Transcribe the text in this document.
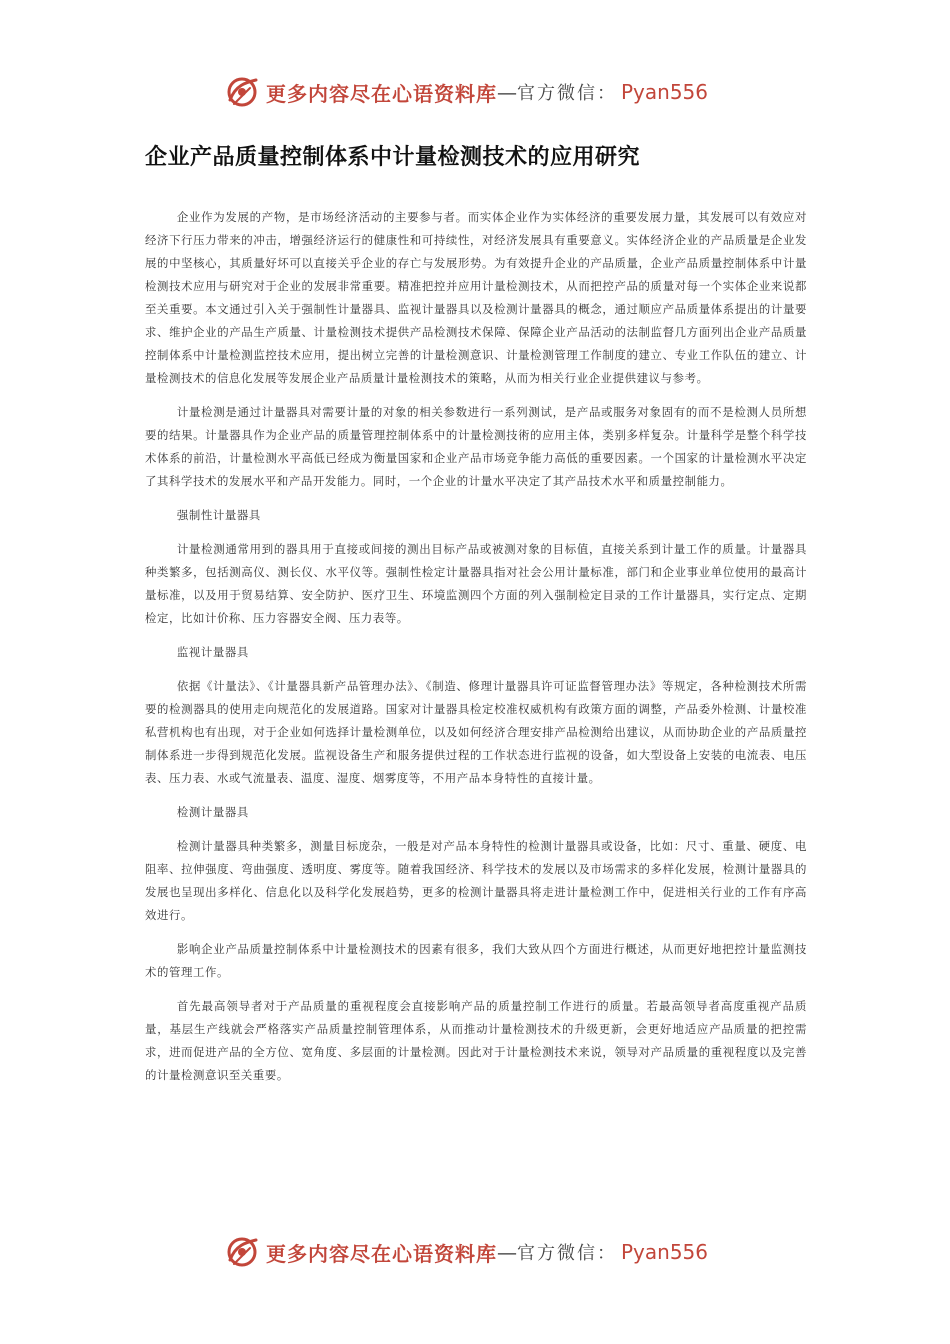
更多内容尽在心语资料库 — 官方微信： Pyan556
企业产品质量控制体系中计量检测技术的应用研究

企业作为发展的产物，是市场经济活动的主要参与者。而实体企业作为实体经济的重要发展力量，其发展可以有效应对经济下行压力带来的冲击，增强经济运行的健康性和可持续性，对经济发展具有重要意义。实体经济企业的产品质量是企业发展的中坚核心，其质量好坏可以直接关乎企业的存亡与发展形势。为有效提升企业的产品质量，企业产品质量控制体系中计量检测技术应用与研究对于企业的发展非常重要。精准把控并应用计量检测技术，从而把控产品的质量对每一个实体企业来说都至关重要。本文通过引入关于强制性计量器具、监视计量器具以及检测计量器具的概念，通过顺应产品质量体系提出的计量要求、维护企业的产品生产质量、计量检测技术提供产品检测技术保障、保障企业产品活动的法制监督几方面列出企业产品质量控制体系中计量检测监控技术应用，提出树立完善的计量检测意识、计量检测管理工作制度的建立、专业工作队伍的建立、计量检测技术的信息化发展等发展企业产品质量计量检测技术的策略，从而为相关行业企业提供建议与参考。

计量检测是通过计量器具对需要计量的对象的相关参数进行一系列测试，是产品或服务对象固有的而不是检测人员所想要的结果。计量器具作为企业产品的质量管理控制体系中的计量检测技術的应用主体，类别多样复杂。计量科学是整个科学技术体系的前沿，计量检测水平高低已经成为衡量国家和企业产品市场竞争能力高低的重要因素。一个国家的计量检测水平决定了其科学技术的发展水平和产品开发能力。同时，一个企业的计量水平决定了其产品技术水平和质量控制能力。

强制性计量器具

计量检测通常用到的器具用于直接或间接的测出目标产品或被测对象的目标值，直接关系到计量工作的质量。计量器具种类繁多，包括测高仪、测长仪、水平仪等。强制性检定计量器具指对社会公用计量标准，部门和企业事业单位使用的最高计量标准，以及用于贸易结算、安全防护、医疗卫生、环境监测四个方面的列入强制检定目录的工作计量器具，实行定点、定期检定，比如计价称、压力容器安全阀、压力表等。

监视计量器具

依据《计量法》、《计量器具新产品管理办法》、《制造、修理计量器具许可证监督管理办法》等规定，各种检测技术所需要的检测器具的使用走向规范化的发展道路。国家对计量器具检定校准权威机构有政策方面的调整，产品委外检测、计量校准私营机构也有出现，对于企业如何选择计量检测单位，以及如何经济合理安排产品检测给出建议，从而协助企业的产品质量控制体系进一步得到规范化发展。监视设备生产和服务提供过程的工作状态进行监视的设备，如大型设备上安装的电流表、电压表、压力表、水或气流量表、温度、湿度、烟雾度等，不用产品本身特性的直接计量。

检测计量器具

检测计量器具种类繁多，测量目标庞杂，一般是对产品本身特性的检测计量器具或设备，比如：尺寸、重量、硬度、电阻率、拉伸强度、弯曲强度、透明度、雾度等。随着我国经济、科学技术的发展以及市场需求的多样化发展，检测计量器具的发展也呈现出多样化、信息化以及科学化发展趋势，更多的检测计量器具将走进计量检测工作中，促进相关行业的工作有序高效进行。

影响企业产品质量控制体系中计量检测技术的因素有很多，我们大致从四个方面进行概述，从而更好地把控计量监测技术的管理工作。

首先最高领导者对于产品质量的重视程度会直接影响产品的质量控制工作进行的质量。若最高领导者高度重视产品质量，基层生产线就会严格落实产品质量控制管理体系，从而推动计量检测技术的升级更新，会更好地适应产品质量的把控需求，进而促进产品的全方位、宽角度、多层面的计量检测。因此对于计量检测技术来说，领导对产品质量的重视程度以及完善的计量检测意识至关重要。

更多内容尽在心语资料库 — 官方微信： Pyan556
